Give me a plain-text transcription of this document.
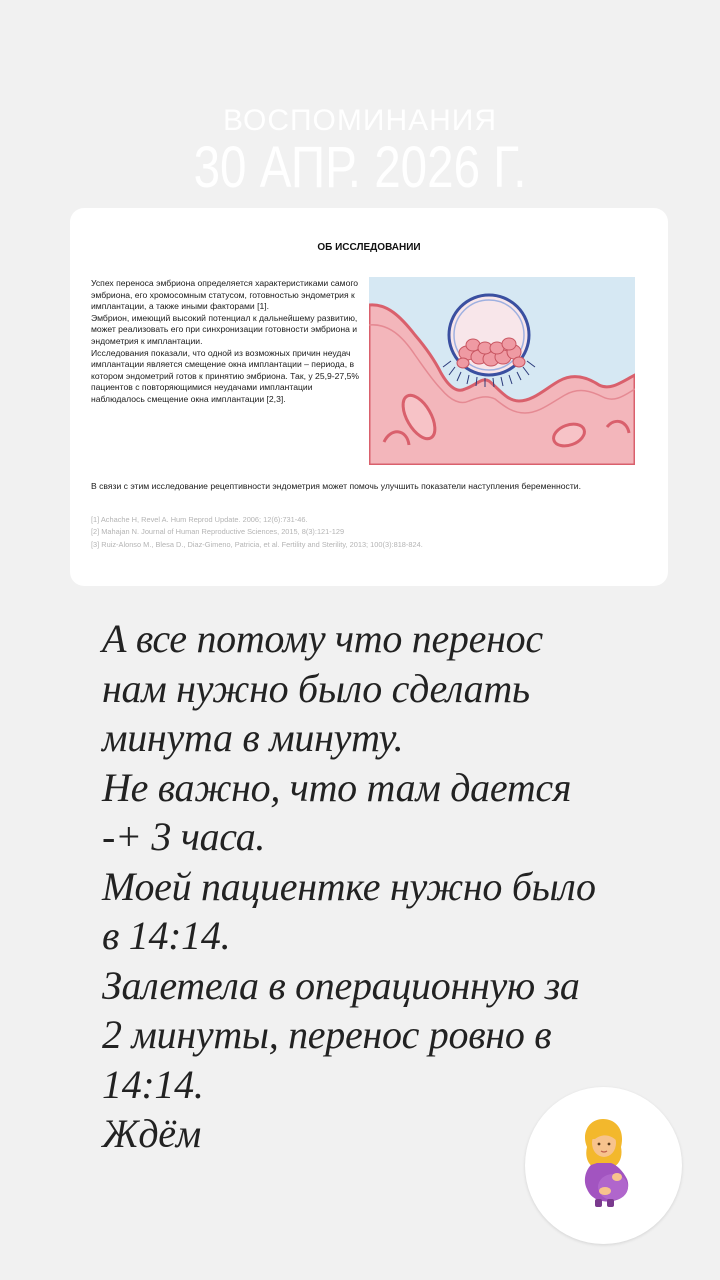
ВОСПОМИНАНИЯ
30 АПР. 2026 Г.
ОБ ИССЛЕДОВАНИИ

Успех переноса эмбриона определяется характеристиками самого эмбриона, его хромосомным статусом, готовностью эндометрия к имплантации, а также иными факторами [1].

Эмбрион, имеющий высокий потенциал к дальнейшему развитию, может реализовать его при синхронизации готовности эмбриона и эндометрия к имплантации.

Исследования показали, что одной из возможных причин неудач имплантации является смещение окна имплантации – периода, в котором эндометрий готов к принятию эмбриона. Так, у 25,9-27,5% пациентов с повторяющимися неудачами имплантации наблюдалось смещение окна имплантации [2,3].

В связи с этим исследование рецептивности эндометрия может помочь улучшить показатели наступления беременности.
[1] Achache H, Revel A. Hum Reprod Update. 2006; 12(6):731-46.
[2] Mahajan N. Journal of Human Reproductive Sciences, 2015, 8(3):121-129
[3] Ruiz-Alonso M., Blesa D., Diaz-Gimeno, Patricia, et al. Fertility and Sterility, 2013; 100(3):818-824.
А все потому что перенос
нам нужно было сделать
минута в минуту.
Не важно, что там дается
-+ 3 часа.
Моей пациентке нужно было
в 14:14.
Залетела в операционную за
2 минуты, перенос ровно в
14:14.
Ждём
